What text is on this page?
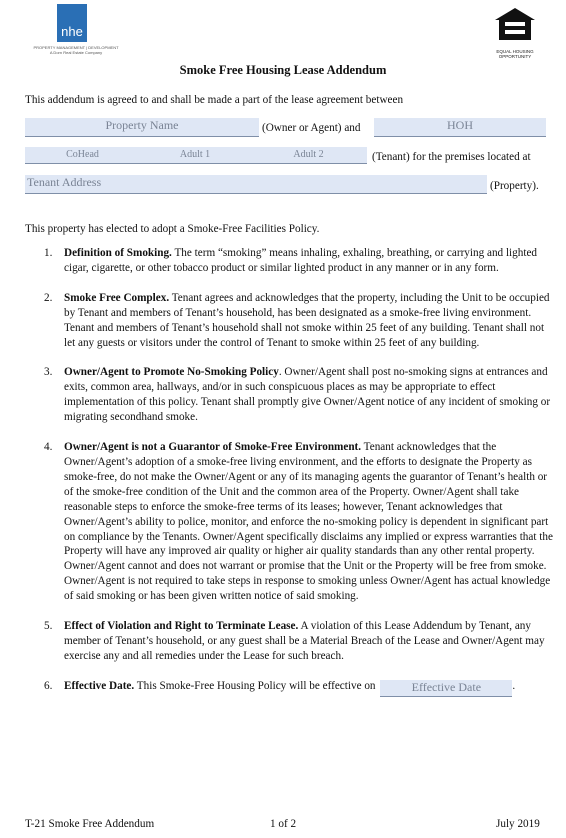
nhe
PROPERTY MANAGEMENT | DEVELOPMENT
A Dorn Real Estate Company	EQUAL HOUSING OPPORTUNITY
Smoke Free Housing Lease Addendum
This addendum is agreed to and shall be made a part of the lease agreement between
Property Name	(Owner or Agent) and	HOH
CoHead	Adult 1	Adult 2	(Tenant) for the premises located at
Tenant Address	(Property).
This property has elected to adopt a Smoke-Free Facilities Policy.
1. Definition of Smoking. The term “smoking” means inhaling, exhaling, breathing, or carrying and lighted cigar, cigarette, or other tobacco product or similar lighted product in any manner or in any form.
2. Smoke Free Complex. Tenant agrees and acknowledges that the property, including the Unit to be occupied by Tenant and members of Tenant’s household, has been designated as a smoke-free living environment. Tenant and members of Tenant’s household shall not smoke within 25 feet of any building. Tenant shall not let any guests or visitors under the control of Tenant to smoke within 25 feet of any building.
3. Owner/Agent to Promote No-Smoking Policy. Owner/Agent shall post no-smoking signs at entrances and exits, common area, hallways, and/or in such conspicuous places as may be appropriate to effect implementation of this policy. Tenant shall promptly give Owner/Agent notice of any incident of smoking or migrating secondhand smoke.
4. Owner/Agent is not a Guarantor of Smoke-Free Environment. Tenant acknowledges that the Owner/Agent’s adoption of a smoke-free living environment, and the efforts to designate the Property as smoke-free, do not make the Owner/Agent or any of its managing agents the guarantor of Tenant’s health or of the smoke-free condition of the Unit and the common area of the Property. Owner/Agent shall take reasonable steps to enforce the smoke-free terms of its leases; however, Tenant acknowledges that Owner/Agent’s ability to police, monitor, and enforce the no-smoking policy is dependent in significant part on compliance by the Tenants. Owner/Agent specifically disclaims any implied or express warranties that the Property will have any improved air quality or higher air quality standards than any other rental property. Owner/Agent cannot and does not warrant or promise that the Unit or the Property will be free from smoke. Owner/Agent is not required to take steps in response to smoking unless Owner/Agent has actual knowledge of said smoking or has been given written notice of said smoking.
5. Effect of Violation and Right to Terminate Lease. A violation of this Lease Addendum by Tenant, any member of Tenant’s household, or any guest shall be a Material Breach of the Lease and Owner/Agent may exercise any and all remedies under the Lease for such breach.
6. Effective Date. This Smoke-Free Housing Policy will be effective on	Effective Date	.
T-21 Smoke Free Addendum	1 of 2	July 2019
